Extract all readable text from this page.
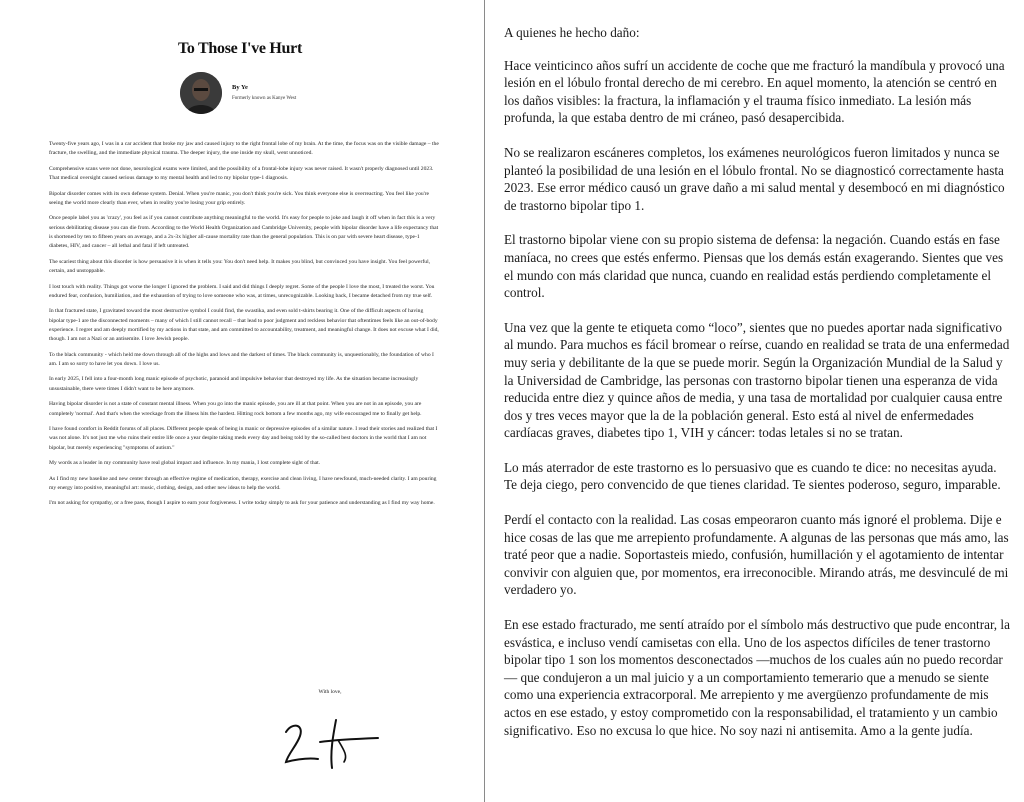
To Those I've Hurt
By Ye
Formerly known as Kanye West

Twenty-five years ago, I was in a car accident that broke my jaw and caused injury to the right frontal lobe of my brain. At the time, the focus was on the visible damage – the fracture, the swelling, and the immediate physical trauma. The deeper injury, the one inside my skull, went unnoticed.

Comprehensive scans were not done, neurological exams were limited, and the possibility of a frontal-lobe injury was never raised. It wasn't properly diagnosed until 2023. That medical oversight caused serious damage to my mental health and led to my bipolar type-1 diagnosis.

Bipolar disorder comes with its own defense system. Denial. When you're manic, you don't think you're sick. You think everyone else is overreacting. You feel like you're seeing the world more clearly than ever, when in reality you're losing your grip entirely.

Once people label you as 'crazy', you feel as if you cannot contribute anything meaningful to the world. It's easy for people to joke and laugh it off when in fact this is a very serious debilitating disease you can die from. According to the World Health Organization and Cambridge University, people with bipolar disorder have a life expectancy that is shortened by ten to fifteen years on average, and a 2x-3x higher all-cause mortality rate than the general population. This is on par with severe heart disease, type-1 diabetes, HIV, and cancer – all lethal and fatal if left untreated.

The scariest thing about this disorder is how persuasive it is when it tells you: You don't need help. It makes you blind, but convinced you have insight. You feel powerful, certain, and unstoppable.

I lost touch with reality. Things got worse the longer I ignored the problem. I said and did things I deeply regret. Some of the people I love the most, I treated the worst. You endured fear, confusion, humiliation, and the exhaustion of trying to love someone who was, at times, unrecognizable. Looking back, I became detached from my true self.

In that fractured state, I gravitated toward the most destructive symbol I could find, the swastika, and even sold t-shirts bearing it. One of the difficult aspects of having bipolar type-1 are the disconnected moments – many of which I still cannot recall – that lead to poor judgment and reckless behavior that oftentimes feels like an out-of-body experience. I regret and am deeply mortified by my actions in that state, and am committed to accountability, treatment, and meaningful change. It does not excuse what I did, though. I am not a Nazi or an antisemite. I love Jewish people.

To the black community - which held me down through all of the highs and lows and the darkest of times. The black community is, unquestionably, the foundation of who I am. I am so sorry to have let you down. I love us.

In early 2025, I fell into a four-month long manic episode of psychotic, paranoid and impulsive behavior that destroyed my life. As the situation became increasingly unsustainable, there were times I didn't want to be here anymore.

Having bipolar disorder is not a state of constant mental illness. When you go into the manic episode, you are ill at that point. When you are not in an episode, you are completely 'normal'. And that's when the wreckage from the illness hits the hardest. Hitting rock bottom a few months ago, my wife encouraged me to finally get help.

I have found comfort in Reddit forums of all places. Different people speak of being in manic or depressive episodes of a similar nature. I read their stories and realized that I was not alone. It's not just me who ruins their entire life once a year despite taking meds every day and being told by the so-called best doctors in the world that I am not bipolar, but merely experiencing "symptoms of autism."

My words as a leader in my community have real global impact and influence. In my mania, I lost complete sight of that.

As I find my new baseline and new center through an effective regime of medication, therapy, exercise and clean living, I have newfound, much-needed clarity. I am pouring my energy into positive, meaningful art: music, clothing, design, and other new ideas to help the world.

I'm not asking for sympathy, or a free pass, though I aspire to earn your forgiveness. I write today simply to ask for your patience and understanding as I find my way home.

With love,

A quienes he hecho daño:

Hace veinticinco años sufrí un accidente de coche que me fracturó la mandíbula y provocó una lesión en el lóbulo frontal derecho de mi cerebro. En aquel momento, la atención se centró en los daños visibles: la fractura, la inflamación y el trauma físico inmediato. La lesión más profunda, la que estaba dentro de mi cráneo, pasó desapercibida.

No se realizaron escáneres completos, los exámenes neurológicos fueron limitados y nunca se planteó la posibilidad de una lesión en el lóbulo frontal. No se diagnosticó correctamente hasta 2023. Ese error médico causó un grave daño a mi salud mental y desembocó en mi diagnóstico de trastorno bipolar tipo 1.

El trastorno bipolar viene con su propio sistema de defensa: la negación. Cuando estás en fase maníaca, no crees que estés enfermo. Piensas que los demás están exagerando. Sientes que ves el mundo con más claridad que nunca, cuando en realidad estás perdiendo completamente el control.

Una vez que la gente te etiqueta como “loco”, sientes que no puedes aportar nada significativo al mundo. Para muchos es fácil bromear o reírse, cuando en realidad se trata de una enfermedad muy seria y debilitante de la que se puede morir. Según la Organización Mundial de la Salud y la Universidad de Cambridge, las personas con trastorno bipolar tienen una esperanza de vida reducida entre diez y quince años de media, y una tasa de mortalidad por cualquier causa entre dos y tres veces mayor que la de la población general. Esto está al nivel de enfermedades cardíacas graves, diabetes tipo 1, VIH y cáncer: todas letales si no se tratan.

Lo más aterrador de este trastorno es lo persuasivo que es cuando te dice: no necesitas ayuda. Te deja ciego, pero convencido de que tienes claridad. Te sientes poderoso, seguro, imparable.

Perdí el contacto con la realidad. Las cosas empeoraron cuanto más ignoré el problema. Dije e hice cosas de las que me arrepiento profundamente. A algunas de las personas que más amo, las traté peor que a nadie. Soportasteis miedo, confusión, humillación y el agotamiento de intentar convivir con alguien que, por momentos, era irreconocible. Mirando atrás, me desvinculé de mi verdadero yo.

En ese estado fracturado, me sentí atraído por el símbolo más destructivo que pude encontrar, la esvástica, e incluso vendí camisetas con ella. Uno de los aspectos difíciles de tener trastorno bipolar tipo 1 son los momentos desconectados —muchos de los cuales aún no puedo recordar— que condujeron a un mal juicio y a un comportamiento temerario que a menudo se siente como una experiencia extracorporal. Me arrepiento y me avergüenzo profundamente de mis actos en ese estado, y estoy comprometido con la responsabilidad, el tratamiento y un cambio significativo. Eso no excusa lo que hice. No soy nazi ni antisemita. Amo a la gente judía.
